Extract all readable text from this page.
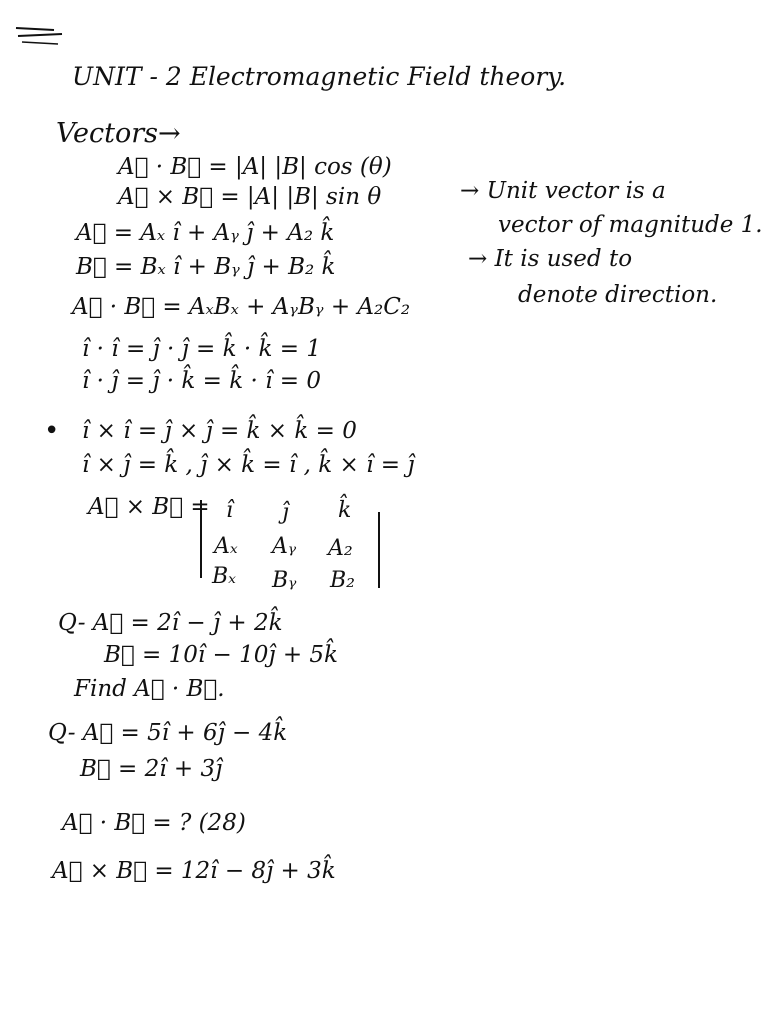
UNIT - 2 Electromagnetic Field theory.
Vectors→
A⃗ · B⃗ = |A| |B| cos (θ)
A⃗ × B⃗ = |A| |B| sin θ
A⃗ = Aₓ î + Aᵧ ĵ + A₂ k̂
B⃗ = Bₓ î + Bᵧ ĵ + B₂ k̂
A⃗ · B⃗ = AₓBₓ + AᵧBᵧ + A₂C₂
î · î = ĵ · ĵ = k̂ · k̂ = 1
î · ĵ = ĵ · k̂ = k̂ · î = 0
• î × î = ĵ × ĵ = k̂ × k̂ = 0
î × ĵ = k̂ , ĵ × k̂ = î , k̂ × î = ĵ
A⃗ × B⃗ = î ĵ k̂
Aₓ Aᵧ A₂
Bₓ Bᵧ B₂
→ Unit vector is a
vector of magnitude 1.
→ It is used to
denote direction.
Q- A⃗ = 2î − ĵ + 2k̂
B⃗ = 10î − 10ĵ + 5k̂
Find A⃗ · B⃗.
Q- A⃗ = 5î + 6ĵ − 4k̂
B⃗ = 2î + 3ĵ
A⃗ · B⃗ = ? (28)
A⃗ × B⃗ = 12î − 8ĵ + 3k̂
